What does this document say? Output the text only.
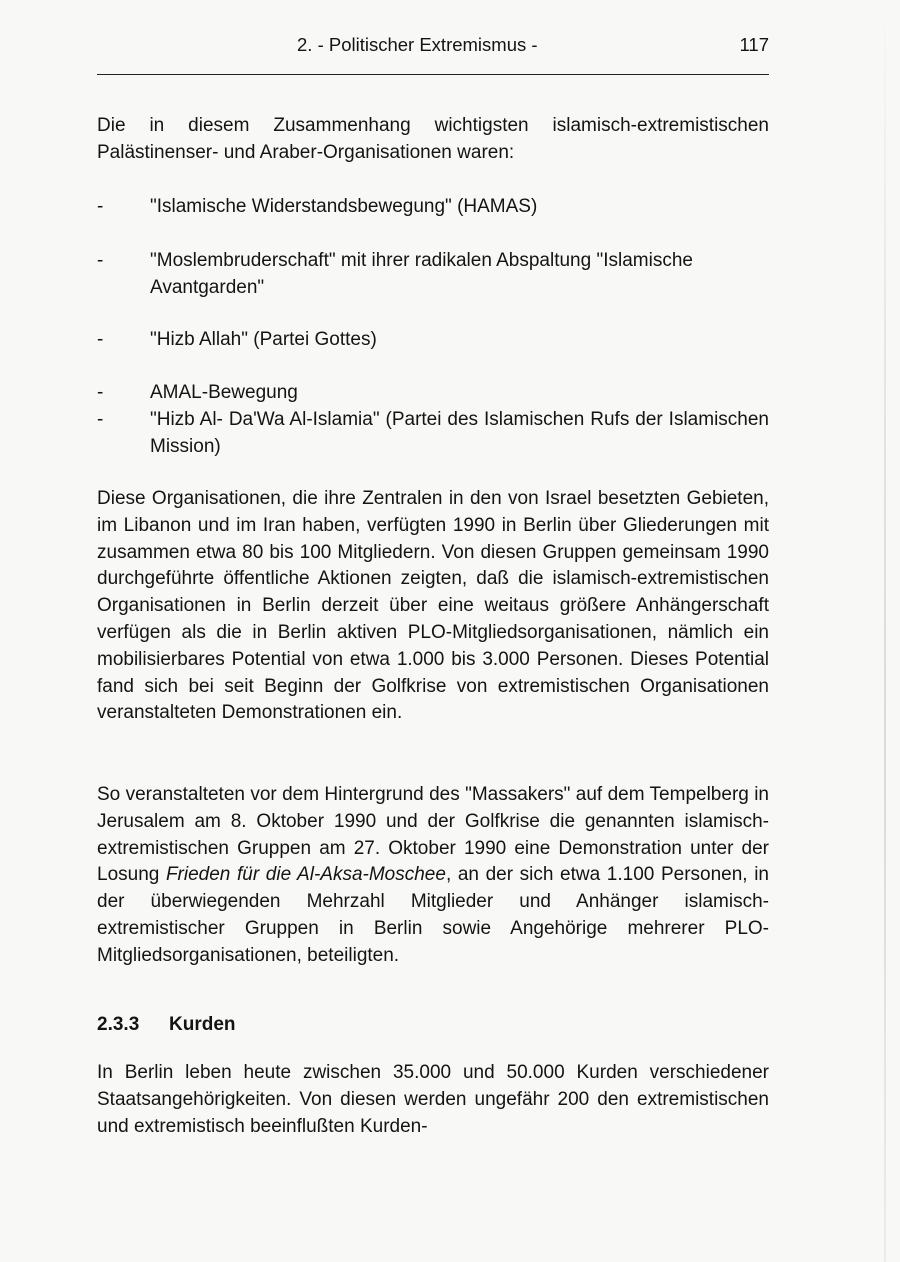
2. - Politischer Extremismus -	117
Die in diesem Zusammenhang wichtigsten islamisch-extremistischen Palästinenser- und Araber-Organisationen waren:
-	"Islamische Widerstandsbewegung" (HAMAS)
-	"Moslembruderschaft" mit ihrer radikalen Abspaltung "Islamische Avantgarden"
-	"Hizb Allah" (Partei Gottes)
-	AMAL-Bewegung
-	"Hizb Al- Da'Wa Al-Islamia" (Partei des Islamischen Rufs der Islamischen Mission)
Diese Organisationen, die ihre Zentralen in den von Israel besetzten Gebieten, im Libanon und im Iran haben, verfügten 1990 in Berlin über Gliederungen mit zusammen etwa 80 bis 100 Mitgliedern. Von diesen Gruppen gemeinsam 1990 durchgeführte öffentliche Aktionen zeigten, daß die islamisch-extremistischen Organisationen in Berlin derzeit über eine weitaus größere Anhängerschaft verfügen als die in Berlin aktiven PLO-Mitgliedsorganisationen, nämlich ein mobilisierbares Potential von etwa 1.000 bis 3.000 Personen. Dieses Potential fand sich bei seit Beginn der Golfkrise von extremistischen Organisationen veranstalteten Demonstrationen ein.
So veranstalteten vor dem Hintergrund des "Massakers" auf dem Tempelberg in Jerusalem am 8. Oktober 1990 und der Golfkrise die genannten islamisch-extremistischen Gruppen am 27. Oktober 1990 eine Demonstration unter der Losung Frieden für die Al-Aksa-Moschee, an der sich etwa 1.100 Personen, in der überwiegenden Mehrzahl Mitglieder und Anhänger islamisch-extremistischer Gruppen in Berlin sowie Angehörige mehrerer PLO-Mitgliedsorganisationen, beteiligten.
2.3.3 Kurden
In Berlin leben heute zwischen 35.000 und 50.000 Kurden verschiedener Staatsangehörigkeiten. Von diesen werden ungefähr 200 den extremistischen und extremistisch beeinflußten Kurden-
